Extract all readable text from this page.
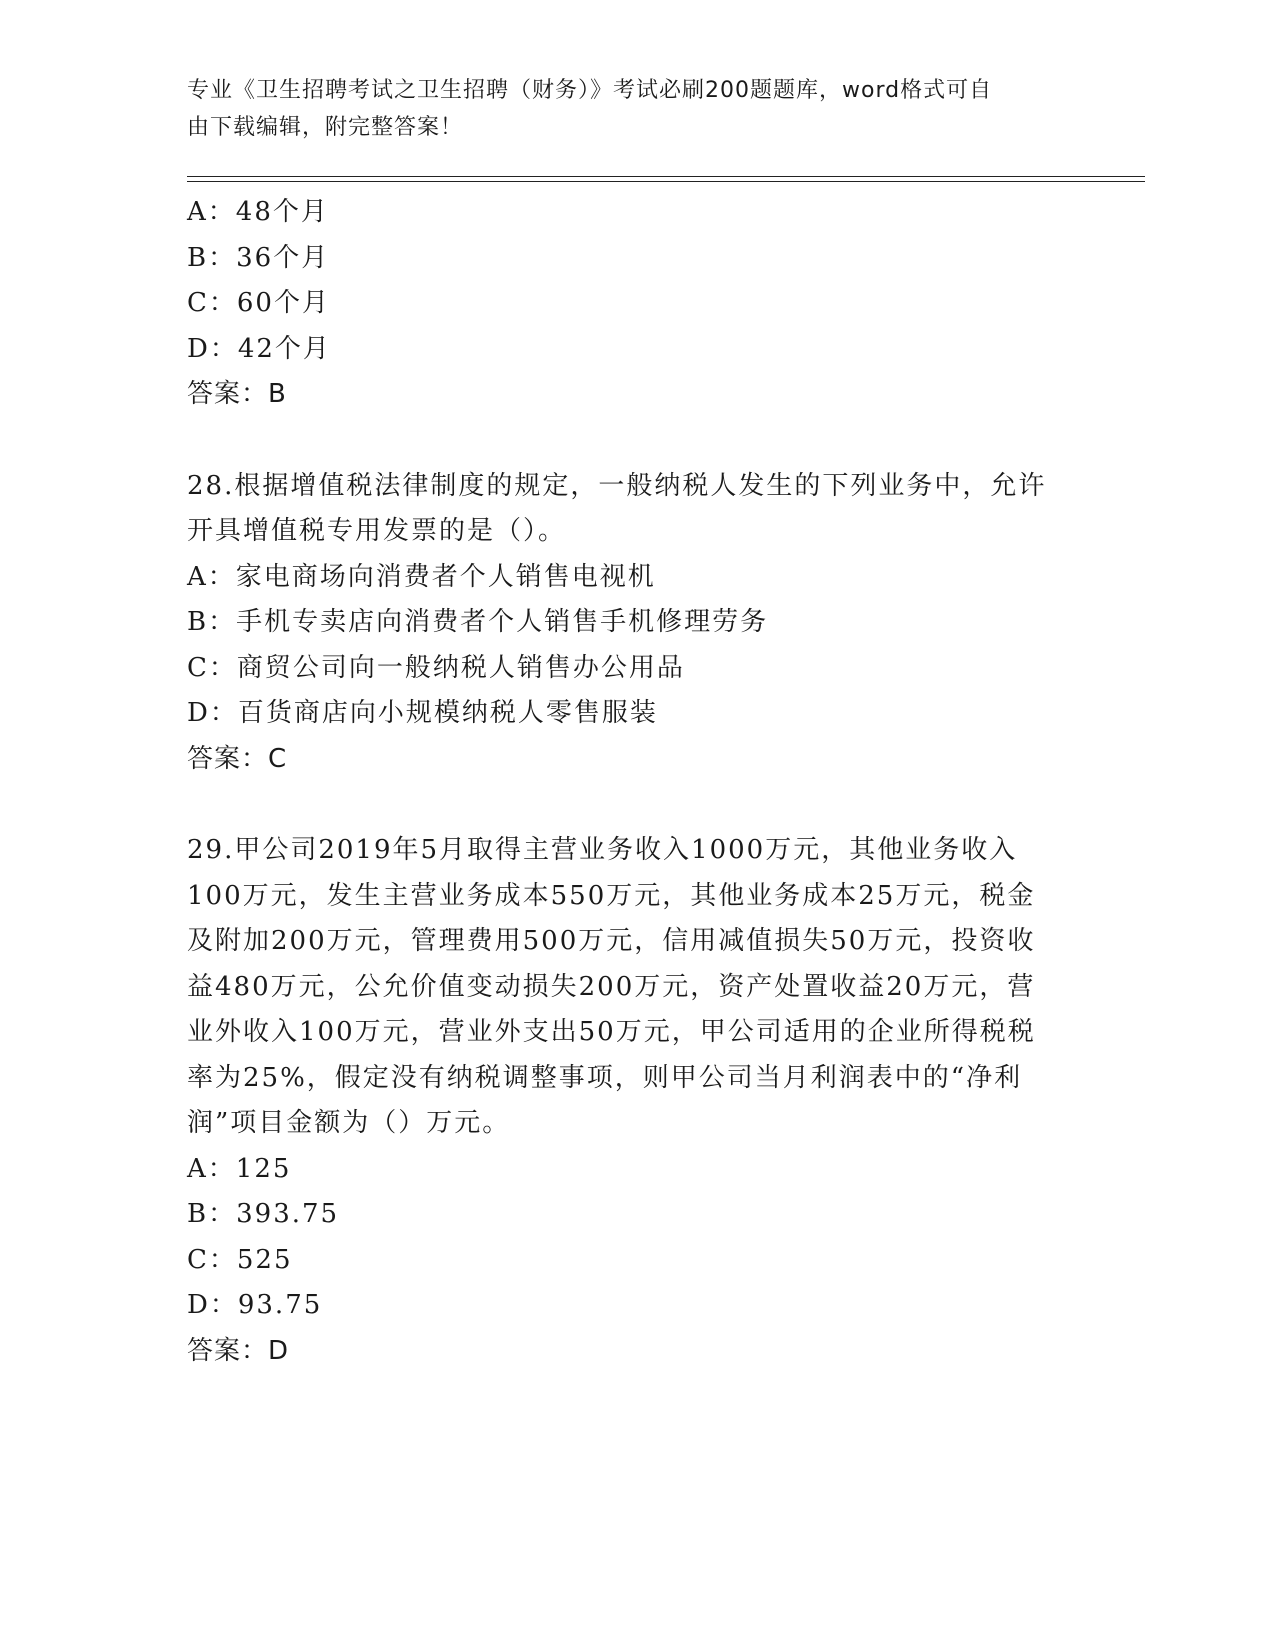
专业《卫生招聘考试之卫生招聘（财务）》考试必刷200题题库，word格式可自
由下载编辑，附完整答案！
A：48个月
B：36个月
C：60个月
D：42个月
答案：B
28.根据增值税法律制度的规定，一般纳税人发生的下列业务中，允许
开具增值税专用发票的是（）。
A：家电商场向消费者个人销售电视机
B：手机专卖店向消费者个人销售手机修理劳务
C：商贸公司向一般纳税人销售办公用品
D：百货商店向小规模纳税人零售服装
答案：C
29.甲公司2019年5月取得主营业务收入1000万元，其他业务收入
100万元，发生主营业务成本550万元，其他业务成本25万元，税金
及附加200万元，管理费用500万元，信用减值损失50万元，投资收
益480万元，公允价值变动损失200万元，资产处置收益20万元，营
业外收入100万元，营业外支出50万元，甲公司适用的企业所得税税
率为25%，假定没有纳税调整事项，则甲公司当月利润表中的“净利
润”项目金额为（）万元。
A：125
B：393.75
C：525
D：93.75
答案：D
